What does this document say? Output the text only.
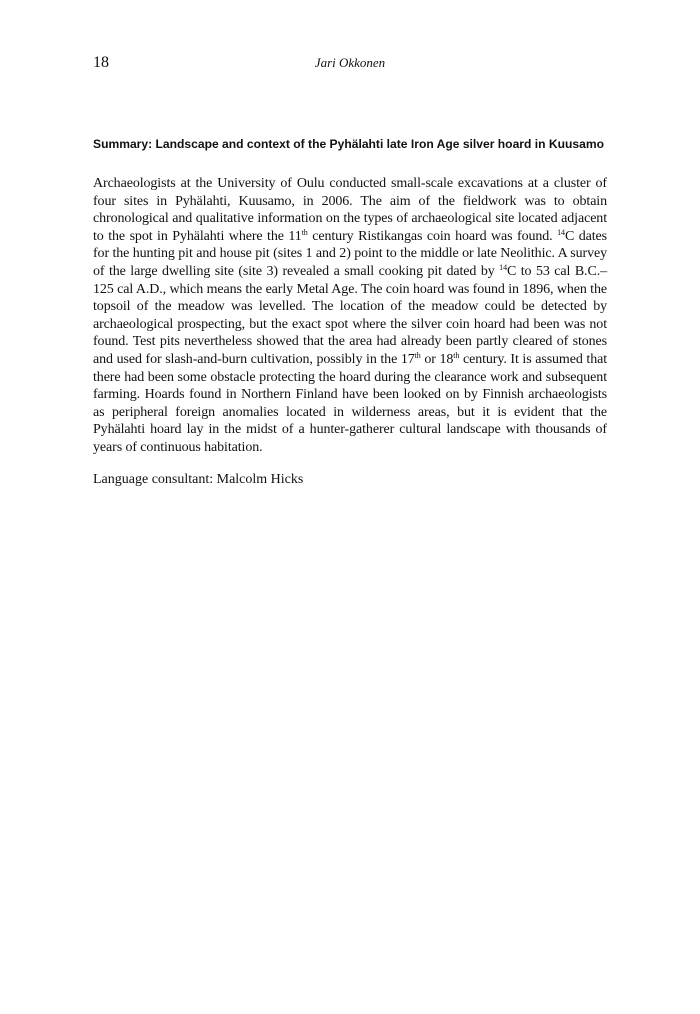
18	Jari Okkonen

Summary: Landscape and context of the Pyhälahti late Iron Age silver hoard in Kuusamo

Archaeologists at the University of Oulu conducted small-scale excavations at a cluster of four sites in Pyhälahti, Kuusamo, in 2006. The aim of the fieldwork was to obtain chronological and qualitative information on the types of archaeological site located adjacent to the spot in Pyhälahti where the 11th century Ristikangas coin hoard was found. $^{14}$C dates for the hunting pit and house pit (sites 1 and 2) point to the middle or late Neolithic. A survey of the large dwelling site (site 3) revealed a small cooking pit dated by $^{14}$C to 53 cal B.C.–125 cal A.D., which means the early Metal Age. The coin hoard was found in 1896, when the topsoil of the meadow was levelled. The location of the meadow could be detected by archaeological prospecting, but the exact spot where the silver coin hoard had been was not found. Test pits nevertheless showed that the area had already been partly cleared of stones and used for slash-and-burn cultivation, possibly in the 17th or 18th century. It is assumed that there had been some obstacle protecting the hoard during the clearance work and subsequent farming. Hoards found in Northern Finland have been looked on by Finnish archaeologists as peripheral foreign anomalies located in wilderness areas, but it is evident that the Pyhälahti hoard lay in the midst of a hunter-gatherer cultural landscape with thousands of years of continuous habitation.

Language consultant: Malcolm Hicks
